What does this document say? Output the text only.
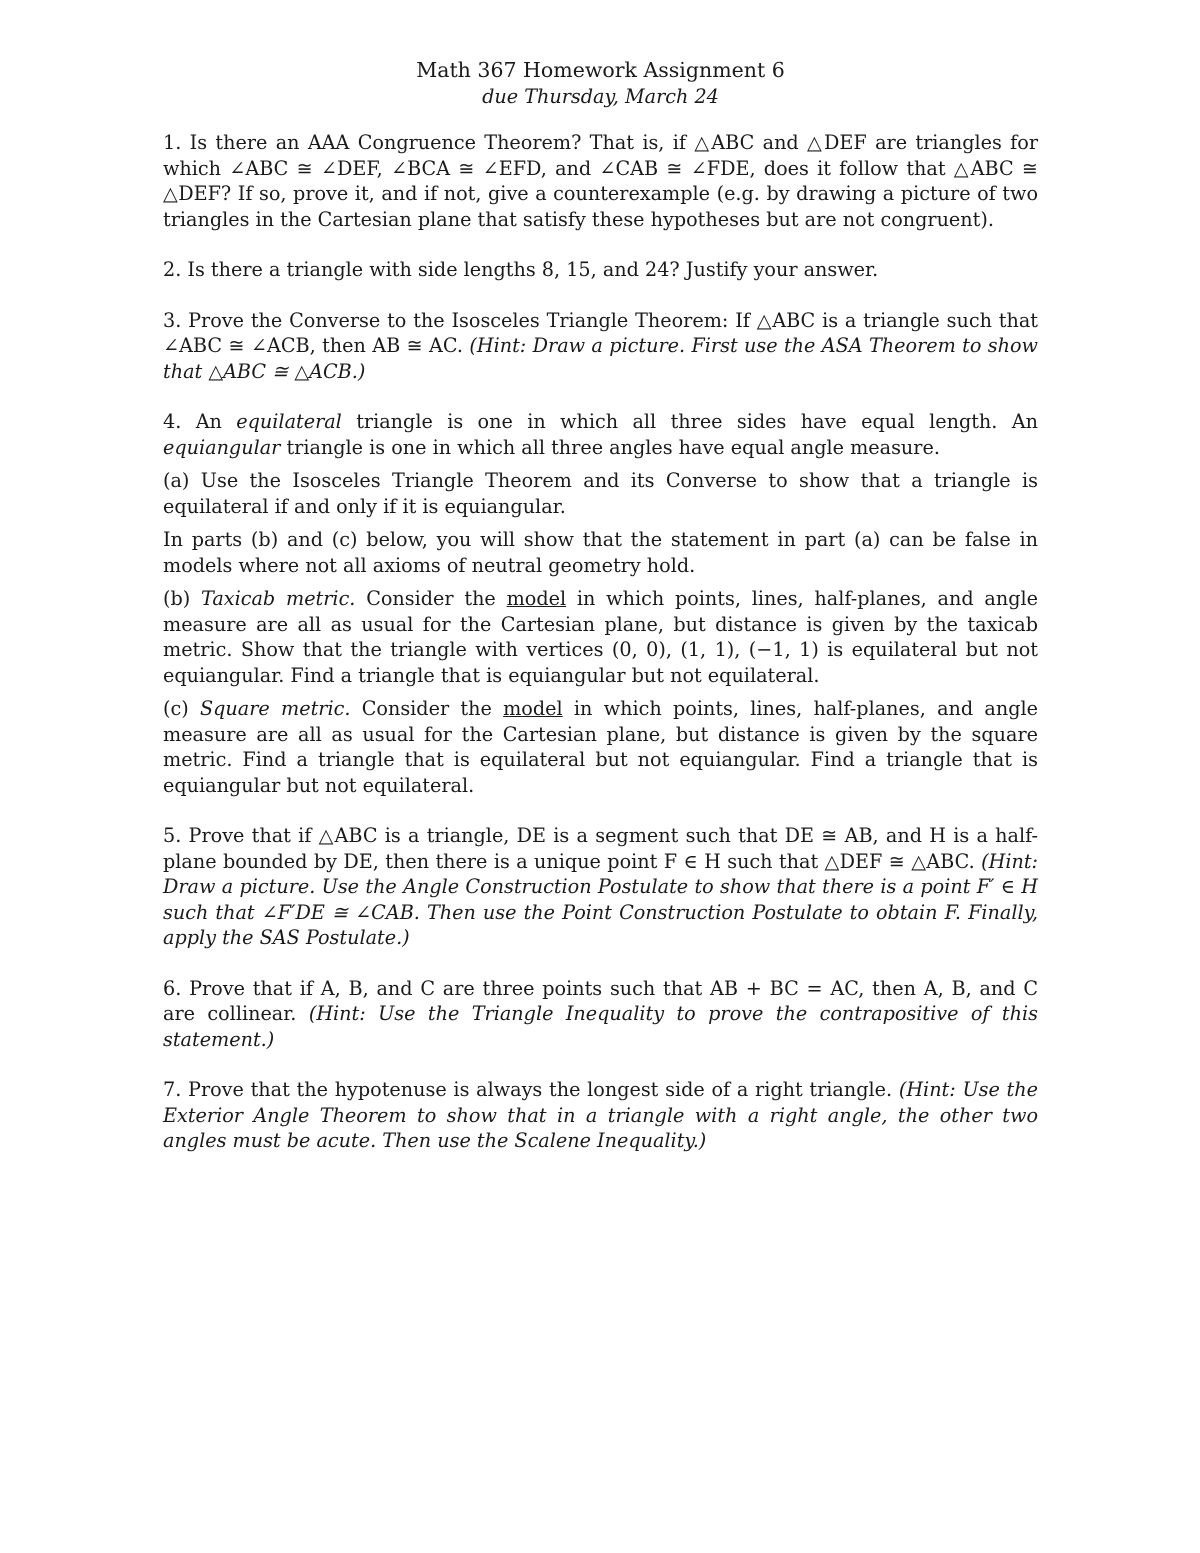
Math 367 Homework Assignment 6
due Thursday, March 24
1. Is there an AAA Congruence Theorem? That is, if △ABC and △DEF are triangles for which ∠ABC ≅ ∠DEF, ∠BCA ≅ ∠EFD, and ∠CAB ≅ ∠FDE, does it follow that △ABC ≅ △DEF? If so, prove it, and if not, give a counterexample (e.g. by drawing a picture of two triangles in the Cartesian plane that satisfy these hypotheses but are not congruent).
2. Is there a triangle with side lengths 8, 15, and 24? Justify your answer.
3. Prove the Converse to the Isosceles Triangle Theorem: If △ABC is a triangle such that ∠ABC ≅ ∠ACB, then AB ≅ AC. (Hint: Draw a picture. First use the ASA Theorem to show that △ABC ≅ △ACB.)
4. An equilateral triangle is one in which all three sides have equal length. An equiangular triangle is one in which all three angles have equal angle measure.
(a) Use the Isosceles Triangle Theorem and its Converse to show that a triangle is equilateral if and only if it is equiangular.
In parts (b) and (c) below, you will show that the statement in part (a) can be false in models where not all axioms of neutral geometry hold.
(b) Taxicab metric. Consider the model in which points, lines, half-planes, and angle measure are all as usual for the Cartesian plane, but distance is given by the taxicab metric. Show that the triangle with vertices (0, 0), (1, 1), (−1, 1) is equilateral but not equiangular. Find a triangle that is equiangular but not equilateral.
(c) Square metric. Consider the model in which points, lines, half-planes, and angle measure are all as usual for the Cartesian plane, but distance is given by the square metric. Find a triangle that is equilateral but not equiangular. Find a triangle that is equiangular but not equilateral.
5. Prove that if △ABC is a triangle, DE is a segment such that DE ≅ AB, and H is a half-plane bounded by DE, then there is a unique point F ∈ H such that △DEF ≅ △ABC. (Hint: Draw a picture. Use the Angle Construction Postulate to show that there is a point F′ ∈ H such that ∠F′DE ≅ ∠CAB. Then use the Point Construction Postulate to obtain F. Finally, apply the SAS Postulate.)
6. Prove that if A, B, and C are three points such that AB + BC = AC, then A, B, and C are collinear. (Hint: Use the Triangle Inequality to prove the contrapositive of this statement.)
7. Prove that the hypotenuse is always the longest side of a right triangle. (Hint: Use the Exterior Angle Theorem to show that in a triangle with a right angle, the other two angles must be acute. Then use the Scalene Inequality.)
